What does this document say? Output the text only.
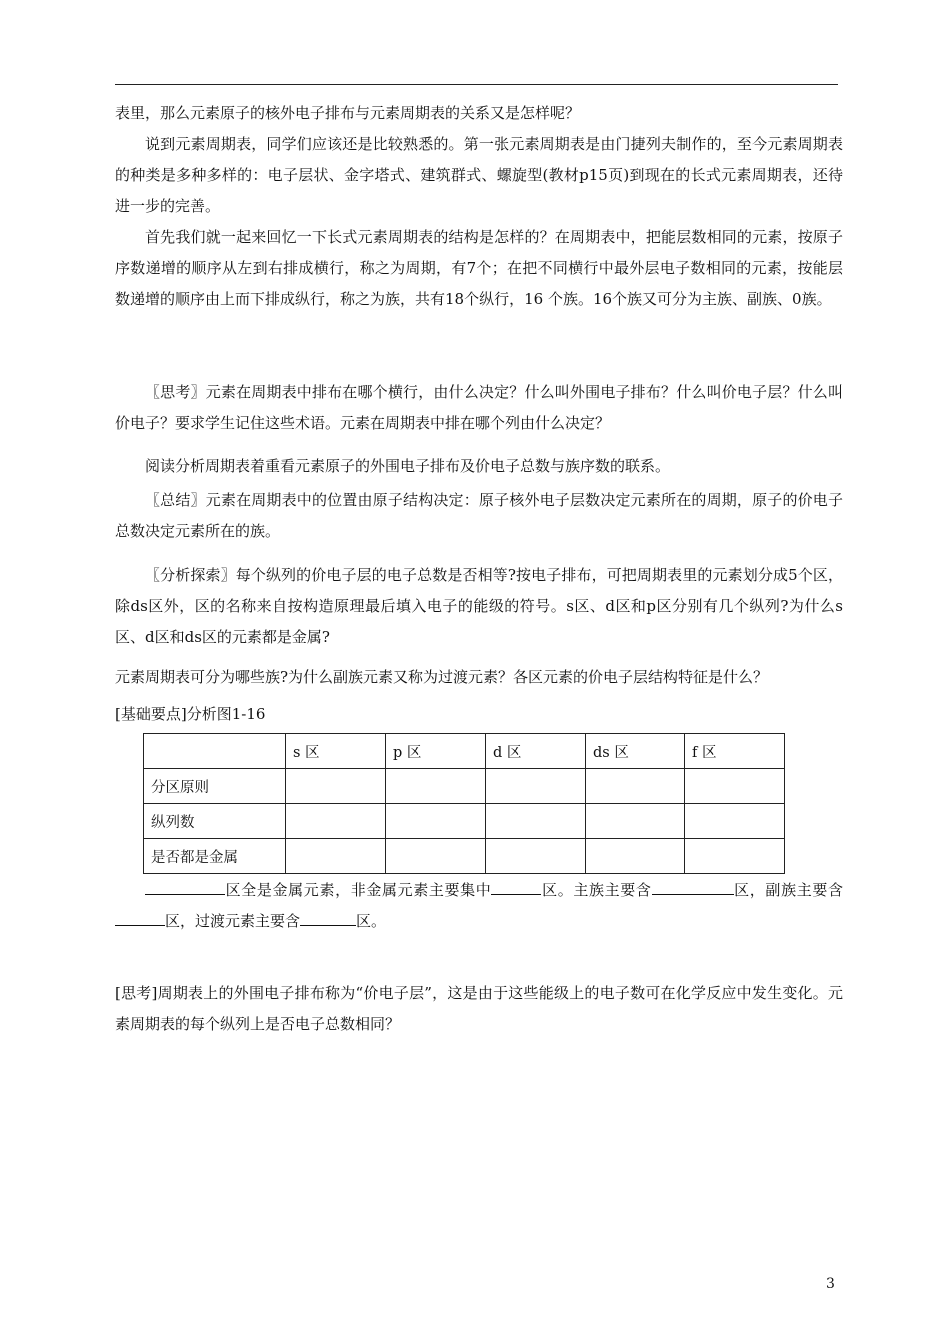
表里，那么元素原子的核外电子排布与元素周期表的关系又是怎样呢？

说到元素周期表，同学们应该还是比较熟悉的。第一张元素周期表是由门捷列夫制作的，至今元素周期表的种类是多种多样的：电子层状、金字塔式、建筑群式、螺旋型(教材p15页)到现在的长式元素周期表，还待进一步的完善。

首先我们就一起来回忆一下长式元素周期表的结构是怎样的？在周期表中，把能层数相同的元素，按原子序数递增的顺序从左到右排成横行，称之为周期，有7个；在把不同横行中最外层电子数相同的元素，按能层数递增的顺序由上而下排成纵行，称之为族，共有18个纵行，16 个族。16个族又可分为主族、副族、0族。

〖思考〗元素在周期表中排布在哪个横行，由什么决定？什么叫外围电子排布？什么叫价电子层？什么叫价电子？要求学生记住这些术语。元素在周期表中排在哪个列由什么决定？

阅读分析周期表着重看元素原子的外围电子排布及价电子总数与族序数的联系。

〖总结〗元素在周期表中的位置由原子结构决定：原子核外电子层数决定元素所在的周期，原子的价电子总数决定元素所在的族。

〖分析探索〗每个纵列的价电子层的电子总数是否相等?按电子排布，可把周期表里的元素划分成5个区，除ds区外，区的名称来自按构造原理最后填入电子的能级的符号。s区、d区和p区分别有几个纵列?为什么s区、d区和ds区的元素都是金属?

元素周期表可分为哪些族?为什么副族元素又称为过渡元素？各区元素的价电子层结构特征是什么？

[基础要点]分析图1-16

	s 区	p 区	d 区	ds 区	f 区
分区原则					
纵列数					
是否都是金属					

区全是金属元素，非金属元素主要集中	区。主族主要含	区，副族主要含区，过渡元素主要含	区。

[思考]周期表上的外围电子排布称为“价电子层”，这是由于这些能级上的电子数可在化学反应中发生变化。元素周期表的每个纵列上是否电子总数相同？

3
